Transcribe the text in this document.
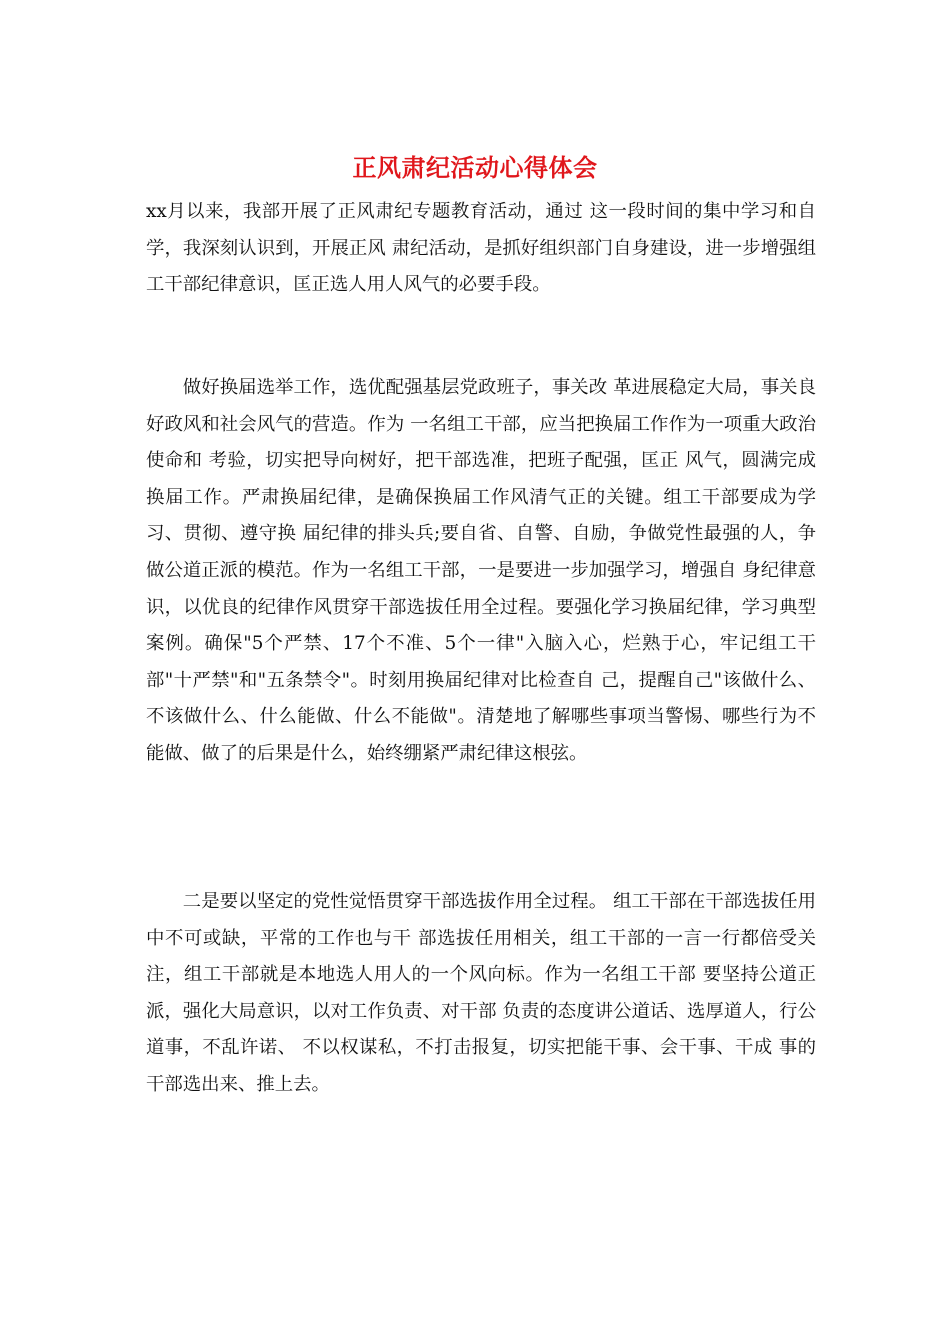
正风肃纪活动心得体会

xx月以来，我部开展了正风肃纪专题教育活动，通过 这一段时间的集中学习和自学，我深刻认识到，开展正风 肃纪活动，是抓好组织部门自身建设，进一步增强组工干部纪律意识，匡正选人用人风气的必要手段。

做好换届选举工作，选优配强基层党政班子，事关改 革进展稳定大局，事关良好政风和社会风气的营造。作为 一名组工干部，应当把换届工作作为一项重大政治使命和 考验，切实把导向树好，把干部选准，把班子配强，匡正 风气，圆满完成换届工作。严肃换届纪律，是确保换届工作风清气正的关键。组工干部要成为学习、贯彻、遵守换 届纪律的排头兵;要自省、自警、自励，争做党性最强的人，争做公道正派的模范。作为一名组工干部，一是要进一步加强学习，增强自 身纪律意识，以优良的纪律作风贯穿干部选拔任用全过程。要强化学习换届纪律，学习典型案例。确保"5个严禁、17个不准、5个一律"入脑入心，烂熟于心，牢记组工干部"十严禁"和"五条禁令"。时刻用换届纪律对比检查自 己，提醒自己"该做什么、不该做什么、什么能做、什么不能做"。清楚地了解哪些事项当警惕、哪些行为不能做、做了的后果是什么，始终绷紧严肃纪律这根弦。

二是要以坚定的党性觉悟贯穿干部选拔作用全过程。 组工干部在干部选拔任用中不可或缺，平常的工作也与干 部选拔任用相关，组工干部的一言一行都倍受关注，组工干部就是本地选人用人的一个风向标。作为一名组工干部 要坚持公道正派，强化大局意识，以对工作负责、对干部 负责的态度讲公道话、选厚道人，行公道事，不乱许诺、 不以权谋私，不打击报复，切实把能干事、会干事、干成 事的干部选出来、推上去。
